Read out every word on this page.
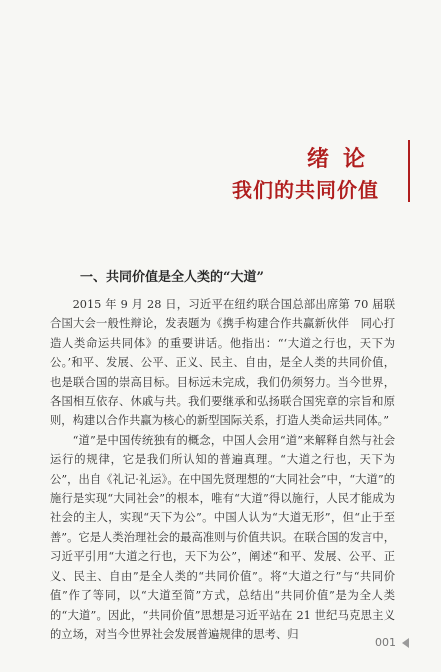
绪论
我们的共同价值
一、共同价值是全人类的“大道”

2015 年 9 月 28 日，习近平在纽约联合国总部出席第 70 届联合国大会一般性辩论，发表题为《携手构建合作共赢新伙伴　同心打造人类命运共同体》的重要讲话。他指出：“‘大道之行也，天下为公。’和平、发展、公平、正义、民主、自由，是全人类的共同价值，也是联合国的崇高目标。目标远未完成，我们仍须努力。当今世界，各国相互依存、休戚与共。我们要继承和弘扬联合国宪章的宗旨和原则，构建以合作共赢为核心的新型国际关系，打造人类命运共同体。”

“道”是中国传统独有的概念，中国人会用“道”来解释自然与社会运行的规律，它是我们所认知的普遍真理。“大道之行也，天下为公”，出自《礼记·礼运》。在中国先贤理想的“大同社会”中，“大道”的施行是实现“大同社会”的根本，唯有“大道”得以施行，人民才能成为社会的主人，实现“天下为公”。中国人认为“大道无形”，但“止于至善”。它是人类治理社会的最高准则与价值共识。在联合国的发言中，习近平引用“大道之行也，天下为公”，阐述“和平、发展、公平、正义、民主、自由”是全人类的“共同价值”。将“大道之行”与“共同价值”作了等同，以“大道至简”方式，总结出“共同价值”是为全人类的“大道”。因此，“共同价值”思想是习近平站在 21 世纪马克思主义的立场，对当今世界社会发展普遍规律的思考、归

001
